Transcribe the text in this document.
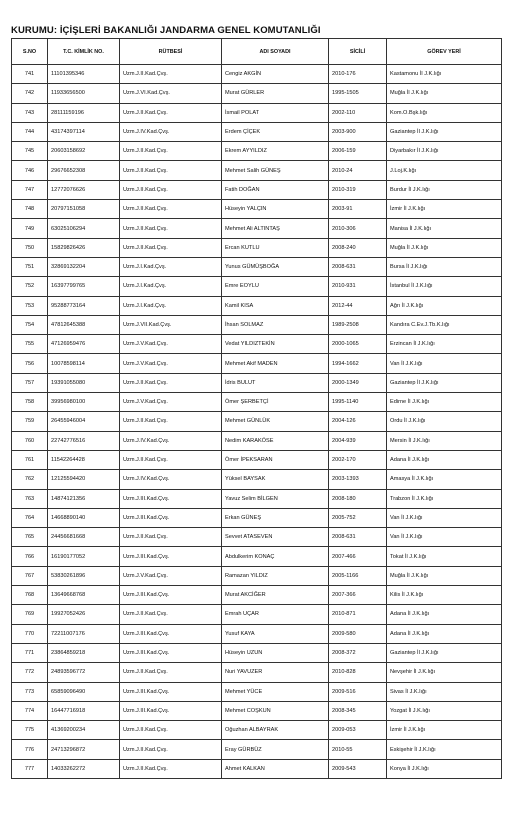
KURUMU: İÇİŞLERİ BAKANLIĞI JANDARMA GENEL KOMUTANLIĞI
S.NO	T.C. KİMLİK NO.	RÜTBESİ	ADI SOYADI	SİCİLİ	GÖREV YERİ
741	11101395346	Uzm.J.II.Kad.Çvş.	Cengiz AKGİN	2010-176	Kastamonu İl J.K.lığı
742	11933656500	Uzm.J.VI.Kad.Çvş.	Murat GÜRLER	1995-1505	Muğla İl J.K.lığı
743	28111159196	Uzm.J.II.Kad.Çvş.	İsmail POLAT	2002-110	Kom.O.Bşk.lığı
744	43174397114	Uzm.J.IV.Kad.Çvş.	Erdem ÇİÇEK	2003-900	Gaziantep İl J.K.lığı
745	20603158692	Uzm.J.II.Kad.Çvş.	Ekrem AYYILDIZ	2006-159	Diyarbakır İl J.K.lığı
746	29676652308	Uzm.J.II.Kad.Çvş.	Mehmet Salih GÜNEŞ	2010-24	J.Loj.K.lığı
747	12772076626	Uzm.J.II.Kad.Çvş.	Fatih DOĞAN	2010-319	Burdur İl J.K.lığı
748	20797151058	Uzm.J.II.Kad.Çvş.	Hüseyin YALÇIN	2003-91	İzmir İl J.K.lığı
749	63025106294	Uzm.J.II.Kad.Çvş.	Mehmet Ali ALTINTAŞ	2010-306	Manisa İl J.K.lığı
750	15829826426	Uzm.J.II.Kad.Çvş.	Ercan KUTLU	2008-240	Muğla İl J.K.lığı
751	32869132204	Uzm.J.I.Kad.Çvş.	Yunus GÜMÜŞBOĞA	2008-631	Bursa İl J.K.lığı
752	16397799765	Uzm.J.I.Kad.Çvş.	Emre EOYLU	2010-931	İstanbul İl J.K.lığı
753	95288773164	Uzm.J.I.Kad.Çvş.	Kamil KISA	2012-44	Ağrı İl J.K.lığı
754	47812645388	Uzm.J.VII.Kad.Çvş.	İhsan SOLMAZ	1989-2508	Kandıra C.Ev.J.Tb.K.lığı
755	47126959476	Uzm.J.V.Kad.Çvş.	Vedat YILDIZTEKİN	2000-1065	Erzincan İl J.K.lığı
756	10078598114	Uzm.J.V.Kad.Çvş.	Mehmet Akif MADEN	1994-1662	Van İl J.K.lığı
757	19391055080	Uzm.J.II.Kad.Çvş.	İdris BULUT	2000-1349	Gaziantep İl J.K.lığı
758	39956980100	Uzm.J.V.Kad.Çvş.	Ömer ŞERBETÇİ	1995-1140	Edirne İl J.K.lığı
759	26455946004	Uzm.J.II.Kad.Çvş.	Mehmet GÜNLÜK	2004-126	Ordu İl J.K.lığı
760	22742776516	Uzm.J.IV.Kad.Çvş.	Nedim KARAKÖSE	2004-939	Mersin İl J.K.lığı
761	11542264428	Uzm.J.II.Kad.Çvş.	Ömer İPEKSARAN	2002-170	Adana İl J.K.lığı
762	12125594420	Uzm.J.IV.Kad.Çvş.	Yüksel BAYSAK	2003-1393	Amasya İl J.K.lığı
763	14874121356	Uzm.J.III.Kad.Çvş.	Yavuz Selim BİLGEN	2008-180	Trabzon İl J.K.lığı
764	14668890140	Uzm.J.III.Kad.Çvş.	Erkan GÜNEŞ	2005-752	Van İl J.K.lığı
765	24456681668	Uzm.J.II.Kad.Çvş.	Sevvet ATASEVEN	2008-631	Van İl J.K.lığı
766	16190177052	Uzm.J.III.Kad.Çvş.	Abdulkerim KONAÇ	2007-466	Tokat İl J.K.lığı
767	53830261896	Uzm.J.V.Kad.Çvş.	Ramazan YILDIZ	2005-1166	Muğla İl J.K.lığı
768	13649668768	Uzm.J.III.Kad.Çvş.	Murat AKCİĞER	2007-366	Kilis İl J.K.lığı
769	19927052426	Uzm.J.II.Kad.Çvş.	Emrah UÇAR	2010-871	Adana İl J.K.lığı
770	72211007176	Uzm.J.III.Kad.Çvş.	Yusuf KAYA	2009-580	Adana İl J.K.lığı
771	23864859218	Uzm.J.III.Kad.Çvş.	Hüseyin UZUN	2008-372	Gaziantep İl J.K.lığı
772	24893596772	Uzm.J.II.Kad.Çvş.	Nuri YAVUZER	2010-828	Nevşehir İl J.K.lığı
773	65859096490	Uzm.J.III.Kad.Çvş.	Mehmet YÜCE	2009-516	Sivas İl J.K.lığı
774	16447716918	Uzm.J.III.Kad.Çvş.	Mehmet COŞKUN	2008-345	Yozgat İl J.K.lığı
775	41369200234	Uzm.J.II.Kad.Çvş.	Oğuzhan ALBAYRAK	2009-053	İzmir İl J.K.lığı
776	24713296872	Uzm.J.II.Kad.Çvş.	Eray GÜRBÜZ	2010-55	Eskişehir İl J.K.lığı
777	14033262272	Uzm.J.II.Kad.Çvş.	Ahmet KALKAN	2009-543	Konya İl J.K.lığı
